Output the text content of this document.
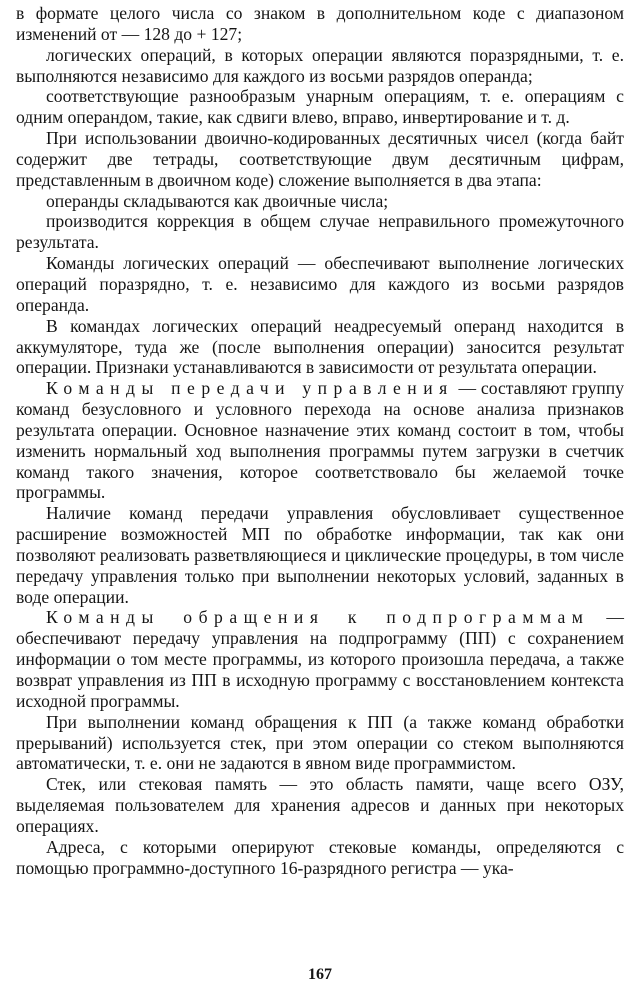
в формате целого числа со знаком в дополнительном коде с диапазоном изменений от — 128 до + 127;

логических операций, в которых операции являются поразрядными, т. е. выполняются независимо для каждого из восьми разрядов операнда;

соответствующие разнообразым унарным операциям, т. е. операциям с одним операндом, такие, как сдвиги влево, вправо, инвертирование и т. д.

При использовании двоично-кодированных десятичных чисел (когда байт содержит две тетрады, соответствующие двум десятичным цифрам, представленным в двоичном коде) сложение выполняется в два этапа:

операнды складываются как двоичные числа;

производится коррекция в общем случае неправильного промежуточного результата.

Команды логических операций — обеспечивают выполнение логических операций поразрядно, т. е. независимо для каждого из восьми разрядов операнда.

В командах логических операций неадресуемый операнд находится в аккумуляторе, туда же (после выполнения операции) заносится результат операции. Признаки устанавливаются в зависимости от результата операции.

Команды передачи управления — составляют группу команд безусловного и условного перехода на основе анализа признаков результата операции. Основное назначение этих команд состоит в том, чтобы изменить нормальный ход выполнения программы путем загрузки в счетчик команд такого значения, которое соответствовало бы желаемой точке программы.

Наличие команд передачи управления обусловливает существенное расширение возможностей МП по обработке информации, так как они позволяют реализовать разветвляющиеся и циклические процедуры, в том числе передачу управления только при выполнении некоторых условий, заданных в воде операции.

Команды обращения к подпрограммам — обеспечивают передачу управления на подпрограмму (ПП) с сохранением информации о том месте программы, из которого произошла передача, а также возврат управления из ПП в исходную программу с восстановлением контекста исходной программы.

При выполнении команд обращения к ПП (а также команд обработки прерываний) используется стек, при этом операции со стеком выполняются автоматически, т. е. они не задаются в явном виде программистом.

Стек, или стековая память — это область памяти, чаще всего ОЗУ, выделяемая пользователем для хранения адресов и данных при некоторых операциях.

Адреса, с которыми оперируют стековые команды, определяются с помощью программно-доступного 16-разрядного регистра — ука-

167
